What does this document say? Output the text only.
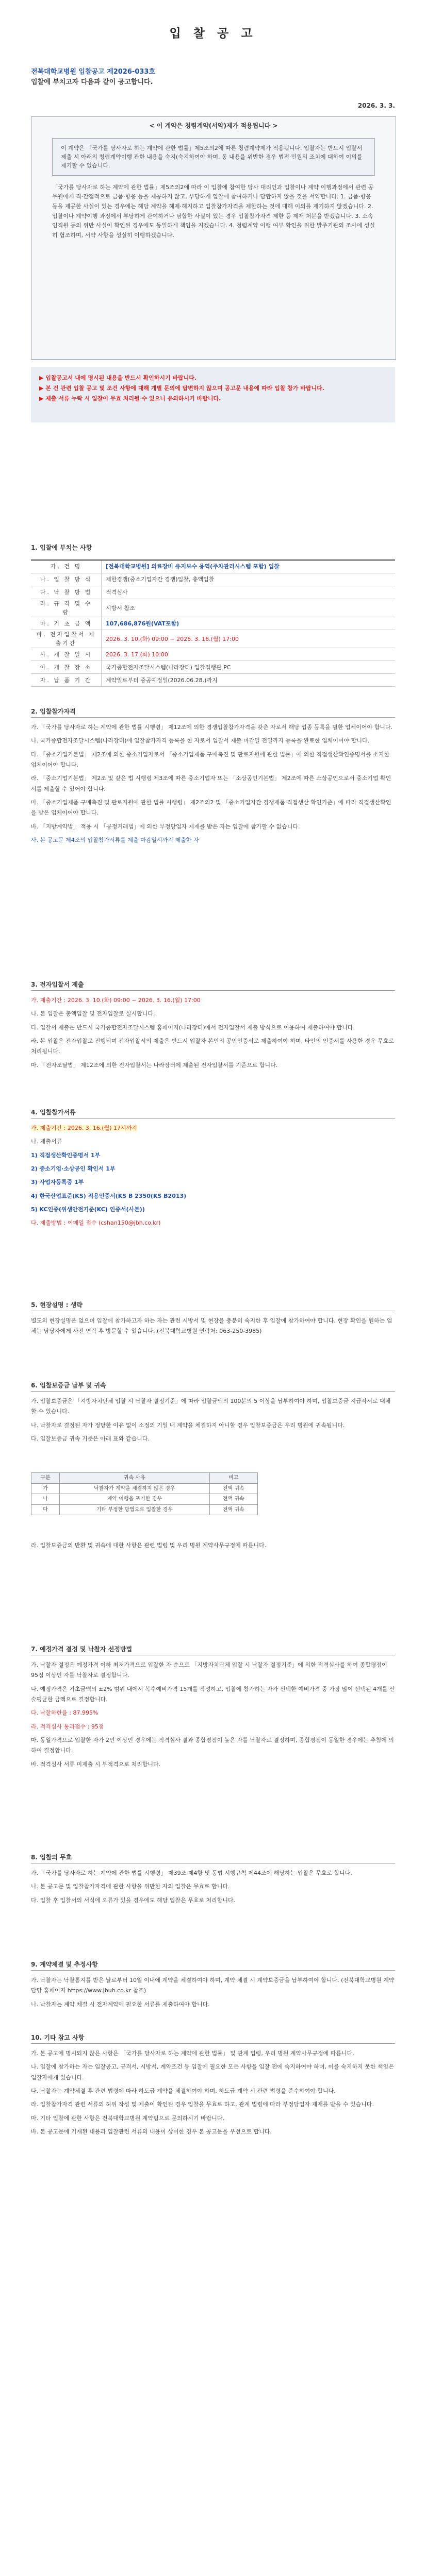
입 찰 공 고
전북대학교병원 입찰공고 제2026-033호
입찰에 부치고자 다음과 같이 공고합니다.
2026. 3. 3.
< 이 계약은 청렴계약(서약)제가 적용됩니다 >
이 계약은 「국가를 당사자로 하는 계약에 관한 법률」제5조의2에 따른 청렴계약제가 적용됩니다. 입찰자는 반드시 입찰서 제출 시 아래의 청렴계약이행 관한 내용을 숙지(숙지하여야 하며, 동 내용을 위반한 경우 법적·민원의 조치에 대하여 이의를 제기할 수 없습니다.
「국가를 당사자로 하는 계약에 관한 법률」제5조의2에 따라 이 입찰에 참여한 당사 대리인과 입찰이나 계약 이행과정에서 관련 공무원에게 직·간접적으로 금품·향응 등을 제공하지 않고, 부당하게 입찰에 참여하거나 담합하지 않을 것을 서약합니다. 1. 금품·향응 등을 제공한 사실이 있는 경우에는 해당 계약을 해제·해지하고 입찰참가자격을 제한하는 것에 대해 이의를 제기하지 않겠습니다. 2. 입찰이나 계약이행 과정에서 부당하게 관여하거나 담합한 사실이 있는 경우 입찰참가자격 제한 등 제재 처분을 받겠습니다. 3. 소속 임직원 등의 위반 사실이 확인된 경우에도 동일하게 책임을 지겠습니다. 4. 청렴계약 이행 여부 확인을 위한 발주기관의 조사에 성실히 협조하며, 서약 사항을 성실히 이행하겠습니다.
▶ 입찰공고서 내에 명시된 내용을 반드시 확인하시기 바랍니다.
▶ 본 건 관련 입찰 공고 및 조건 사항에 대해 개별 문의에 답변하지 않으며 공고문 내용에 따라 입찰 참가 바랍니다.
▶ 제출 서류 누락 시 입찰이 무효 처리될 수 있으니 유의하시기 바랍니다.
1. 입찰에 부치는 사항
가. 건 명	[전북대학교병원] 의료장비 유지보수 용역(주차관리시스템 포함) 입찰
나. 입 찰 방 식	제한경쟁(중소기업자간 경쟁)입찰, 총액입찰
다. 낙 찰 방 법	적격심사
라. 규 격 및 수 량	시방서 참조
마. 기 초 금 액	107,686,876원(VAT포함)
바. 전자입찰서 제출기간	2026. 3. 10.(화) 09:00 ~ 2026. 3. 16.(월) 17:00
사. 개 찰 일 시	2026. 3. 17.(화) 10:00
아. 개 찰 장 소	국가종합전자조달시스템(나라장터) 입찰집행관 PC
자. 납 품 기 간	계약일로부터 중공예정일(2026.06.28.)까지
2. 입찰참가자격

가. 「국가를 당사자로 하는 계약에 관한 법률 시행령」 제12조에 의한 경쟁입찰참가자격을 갖춘 자로서 해당 업종 등록을 필한 업체이어야 합니다.

나. 국가종합전자조달시스템(나라장터)에 입찰참가자격 등록을 한 자로서 입찰서 제출 마감일 전일까지 등록을 완료한 업체이어야 합니다.

다. 「중소기업기본법」 제2조에 의한 중소기업자로서 「중소기업제품 구매촉진 및 판로지원에 관한 법률」에 의한 직접생산확인증명서를 소지한 업체이어야 합니다.

라. 「중소기업기본법」 제2조 및 같은 법 시행령 제3조에 따른 중소기업자 또는 「소상공인기본법」 제2조에 따른 소상공인으로서 중소기업 확인서를 제출할 수 있어야 합니다.

마. 「중소기업제품 구매촉진 및 판로지원에 관한 법률 시행령」 제2조의2 및 「중소기업자간 경쟁제품 직접생산 확인기준」에 따라 직접생산확인을 받은 업체이어야 합니다.

바. 「지방계약법」 적용 시 「공정거래법」에 의한 부정당업자 제재를 받은 자는 입찰에 참가할 수 없습니다.

사. 본 공고문 제4조의 입찰참가서류를 제출 마감일시까지 제출한 자

3. 전자입찰서 제출

가. 제출기간 : 2026. 3. 10.(화) 09:00 ~ 2026. 3. 16.(월) 17:00

나. 본 입찰은 총액입찰 및 전자입찰로 실시합니다.

다. 입찰서 제출은 반드시 국가종합전자조달시스템 홈페이지(나라장터)에서 전자입찰서 제출 방식으로 이용하여 제출하여야 합니다.

라. 본 입찰은 전자입찰로 진행되며 전자입찰서의 제출은 반드시 입찰자 본인의 공인인증서로 제출하여야 하며, 타인의 인증서를 사용한 경우 무효로 처리됩니다.

마. 「전자조달법」 제12조에 의한 전자입찰서는 나라장터에 제출된 전자입찰서를 기준으로 합니다.

4. 입찰참가서류

가. 제출기간 : 2026. 3. 16.(월) 17시까지

나. 제출서류

1) 직접생산확인증명서 1부

2) 중소기업·소상공인 확인서 1부

3) 사업자등록증 1부

4) 한국산업표준(KS) 적용인증서(KS B 2350(KS B2013)

5) KC인증(위생안전기준(KC) 인증서(사본))

다. 제출방법 : 이메일 접수 (cshan150@jbh.co.kr)

5. 현장설명 : 생략

별도의 현장설명은 없으며 입찰에 참가하고자 하는 자는 관련 시방서 및 현장을 충분히 숙지한 후 입찰에 참가하여야 합니다. 현장 확인을 원하는 업체는 담당자에게 사전 연락 후 방문할 수 있습니다. (전북대학교병원 연락처: 063-250-3985)

6. 입찰보증금 납부 및 귀속

가. 입찰보증금은 「지방자치단체 입찰 시 낙찰자 결정기준」에 따라 입찰금액의 100분의 5 이상을 납부하여야 하며, 입찰보증금 지급각서로 대체할 수 있습니다.

나. 낙찰자로 결정된 자가 정당한 이유 없이 소정의 기일 내 계약을 체결하지 아니할 경우 입찰보증금은 우리 병원에 귀속됩니다.

다. 입찰보증금 귀속 기준은 아래 표와 같습니다.

구분	귀속 사유	비고
가	낙찰자가 계약을 체결하지 않은 경우	전액 귀속
나	계약 이행을 포기한 경우	전액 귀속
다	기타 부정한 방법으로 입찰한 경우	전액 귀속

라. 입찰보증금의 반환 및 귀속에 대한 사항은 관련 법령 및 우리 병원 계약사무규정에 따릅니다.

7. 예정가격 결정 및 낙찰자 선정방법

가. 낙찰자 결정은 예정가격 이하 최저가격으로 입찰한 자 순으로 「지방자치단체 입찰 시 낙찰자 결정기준」에 의한 적격심사를 하여 종합평점이 95점 이상인 자를 낙찰자로 결정합니다.

나. 예정가격은 기초금액의 ±2% 범위 내에서 복수예비가격 15개를 작성하고, 입찰에 참가하는 자가 선택한 예비가격 중 가장 많이 선택된 4개를 산술평균한 금액으로 결정합니다.

다. 낙찰하한율 : 87.995%

라. 적격심사 통과점수 : 95점

마. 동일가격으로 입찰한 자가 2인 이상인 경우에는 적격심사 결과 종합평점이 높은 자를 낙찰자로 결정하며, 종합평점이 동일한 경우에는 추첨에 의하여 결정합니다.

바. 적격심사 서류 미제출 시 부적격으로 처리합니다.

8. 입찰의 무효

가. 「국가를 당사자로 하는 계약에 관한 법률 시행령」 제39조 제4항 및 동법 시행규칙 제44조에 해당하는 입찰은 무효로 합니다.

나. 본 공고문 및 입찰참가자격에 관한 사항을 위반한 자의 입찰은 무효로 합니다.

다. 입찰 후 입찰서의 서식에 오류가 있을 경우에도 해당 입찰은 무효로 처리합니다.

9. 계약체결 및 추정사항

가. 낙찰자는 낙찰통지를 받은 날로부터 10일 이내에 계약을 체결하여야 하며, 계약 체결 시 계약보증금을 납부하여야 합니다. (전북대학교병원 계약담당 홈페이지 https://www.jbuh.co.kr 참조)

나. 낙찰자는 계약 체결 시 전자계약에 필요한 서류를 제출하여야 합니다.

10. 기타 참고 사항

가. 본 공고에 명시되지 않은 사항은 「국가를 당사자로 하는 계약에 관한 법률」 및 관계 법령, 우리 병원 계약사무규정에 따릅니다.

나. 입찰에 참가하는 자는 입찰공고, 규격서, 시방서, 계약조건 등 입찰에 필요한 모든 사항을 입찰 전에 숙지하여야 하며, 이를 숙지하지 못한 책임은 입찰자에게 있습니다.

다. 낙찰자는 계약체결 후 관련 법령에 따라 하도급 계약을 체결하여야 하며, 하도급 계약 시 관련 법령을 준수하여야 합니다.

라. 입찰참가자격 관련 서류의 허위 작성 및 제출이 확인된 경우 입찰을 무효로 하고, 관계 법령에 따라 부정당업자 제재를 받을 수 있습니다.

마. 기타 입찰에 관한 사항은 전북대학교병원 계약팀으로 문의하시기 바랍니다.

바. 본 공고문에 기재된 내용과 입찰관련 서류의 내용이 상이한 경우 본 공고문을 우선으로 합니다.
